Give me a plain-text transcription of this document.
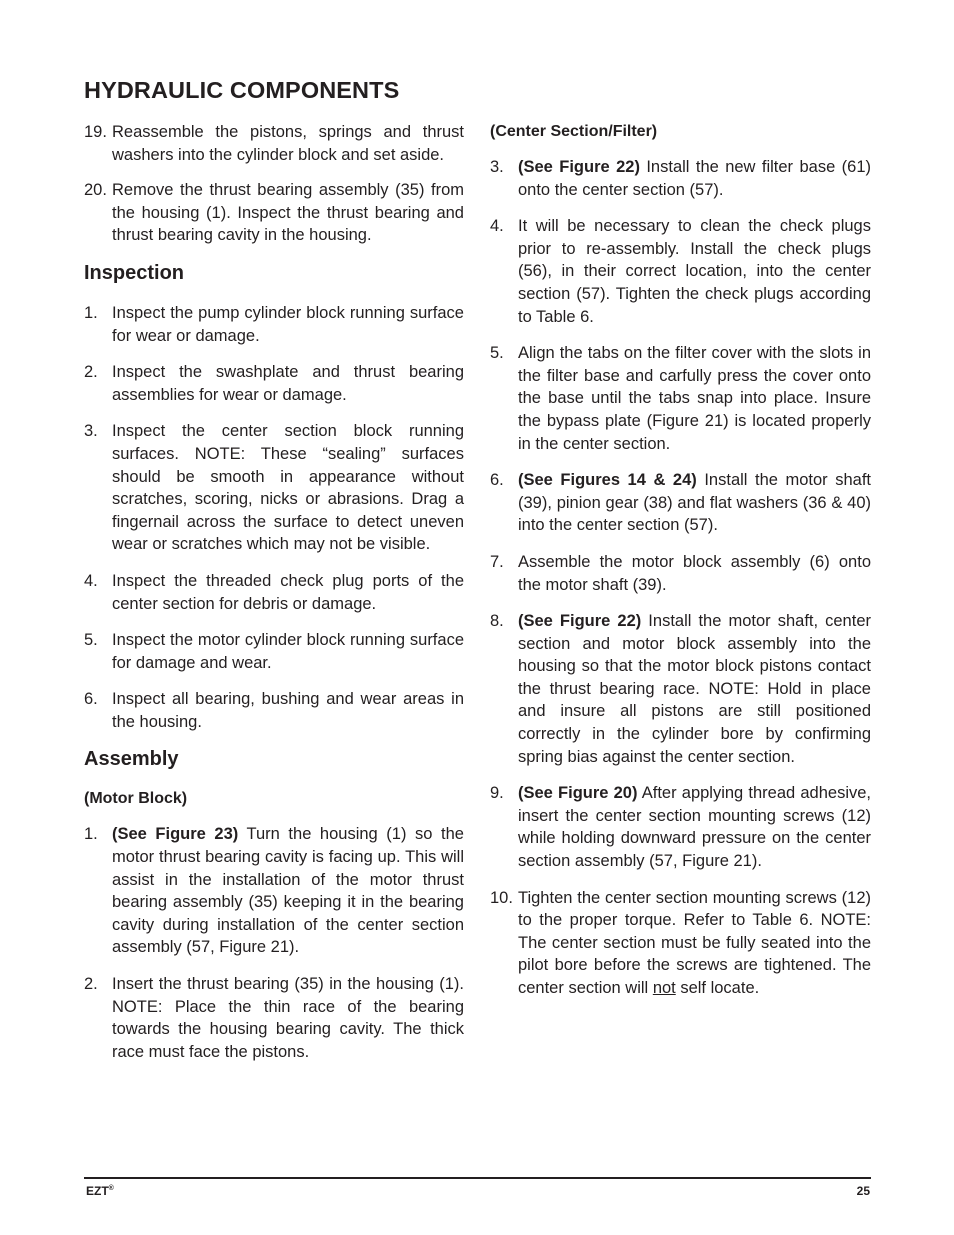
HYDRAULIC COMPONENTS
19. Reassemble the pistons, springs and thrust washers into the cylinder block and set aside.
20. Remove the thrust bearing assembly (35) from the housing (1). Inspect the thrust bearing and thrust bearing cavity in the housing.
Inspection
1. Inspect the pump cylinder block running surface for wear or damage.
2. Inspect the swashplate and thrust bearing assemblies for wear or damage.
3. Inspect the center section block running surfaces. NOTE: These “sealing” surfaces should be smooth in appearance without scratches, scoring, nicks or abrasions. Drag a fingernail across the surface to detect uneven wear or scratches which may not be visible.
4. Inspect the threaded check plug ports of the center section for debris or damage.
5. Inspect the motor cylinder block running surface for damage and wear.
6. Inspect all bearing, bushing and wear areas in the housing.
Assembly
(Motor Block)
1. (See Figure 23) Turn the housing (1) so the motor thrust bearing cavity is facing up. This will assist in the installation of the motor thrust bearing assembly (35) keeping it in the bearing cavity during installation of the center section assembly (57, Figure 21).
2. Insert the thrust bearing (35) in the housing (1). NOTE: Place the thin race of the bearing towards the housing bearing cavity. The thick race must face the pistons.
(Center Section/Filter)
3. (See Figure 22) Install the new filter base (61) onto the center section (57).
4. It will be necessary to clean the check plugs prior to re-assembly. Install the check plugs (56), in their correct location, into the center section (57). Tighten the check plugs according to Table 6.
5. Align the tabs on the filter cover with the slots in the filter base and carfully press the cover onto the base until the tabs snap into place. Insure the bypass plate (Figure 21) is located properly in the center section.
6. (See Figures 14 & 24) Install the motor shaft (39), pinion gear (38) and flat washers (36 & 40) into the center section (57).
7. Assemble the motor block assembly (6) onto the motor shaft (39).
8. (See Figure 22) Install the motor shaft, center section and motor block assembly into the housing so that the motor block pistons contact the thrust bearing race. NOTE: Hold in place and insure all pistons are still positioned correctly in the cylinder bore by confirming spring bias against the center section.
9. (See Figure 20) After applying thread adhesive, insert the center section mounting screws (12) while holding downward pressure on the center section assembly (57, Figure 21).
10. Tighten the center section mounting screws (12) to the proper torque. Refer to Table 6. NOTE: The center section must be fully seated into the pilot bore before the screws are tightened. The center section will not self locate.
EZT®	25
